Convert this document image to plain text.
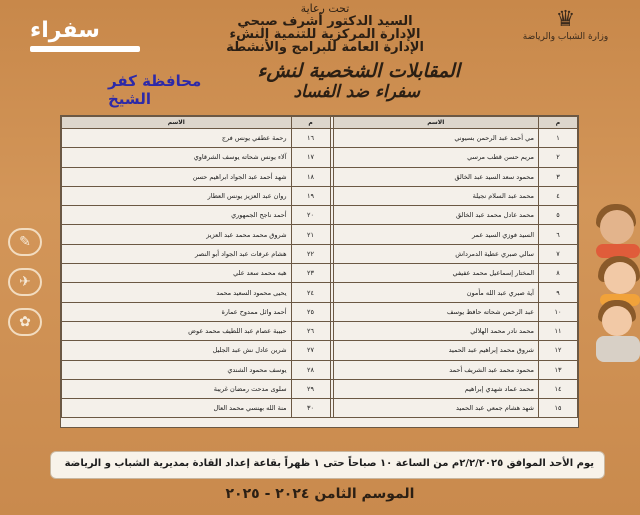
سفراء
تحت رعاية
السيد الدكتور أشرف صبحي
الإدارة المركزية للتنمية النشء
الإدارة العامة للبرامج والأنشطة
♛
وزارة الشباب والرياضة
المقابلات الشخصية لنشء
سفراء ضد الفساد
محافظة كفر الشيخ
✎
✈
✿
م	الاسم		م	الاسم
١	مي أحمد عبد الرحمن بسيوني		١٦	رحمة عطفي يونس فرج
٢	مريم حسن قطب مرسي		١٧	آلاء يونس شحاته يوسف الشرقاوي
٣	محمود سعد السيد عبد الخالق		١٨	شهد أحمد عبد الجواد ابراهيم حسن
٤	محمد عبد السلام نجيلة		١٩	روان عبد العزيز يونس العطار
٥	محمد عادل محمد عبد الخالق		٢٠	أحمد ناجح الجمهوري
٦	السيد فوزي السيد عمر		٢١	شروق محمد محمد عبد العزيز
٧	سالي صبري عطية الدمرداش		٢٢	هشام عرفات عبد الجواد أبو النصر
٨	المختار إسماعيل محمد عفيفي		٢٣	هبه محمد سعد علي
٩	آية صبري عبد الله مأمون		٢٤	يحيى محمود السعيد محمد
١٠	عبد الرحمن شحاته حافظ يوسف		٢٥	أحمد وائل ممدوح عمارة
١١	محمد نادر محمد الهلالي		٢٦	حبيبة عصام عبد اللطيف محمد عوض
١٢	شروق محمد إبراهيم عبد الحميد		٢٧	شرين عادل نش عبد الجليل
١٣	محمود محمد عبد الشريف أحمد		٢٨	يوسف محمود الشندي
١٤	محمد عماد شهدي إبراهيم		٢٩	سلوى مدحت رمضان غريبة
١٥	شهد هشام جمعي عبد الحميد		٣٠	منة الله بهنسي محمد العال
يوم الأحد الموافق ٢/٢/٢٠٢٥م من الساعة ١٠ صباحاً حتى ١ ظهراً بقاعة إعداد القادة بمديرية الشباب و الرياضة
الموسم الثامن ٢٠٢٤ - ٢٠٢٥
